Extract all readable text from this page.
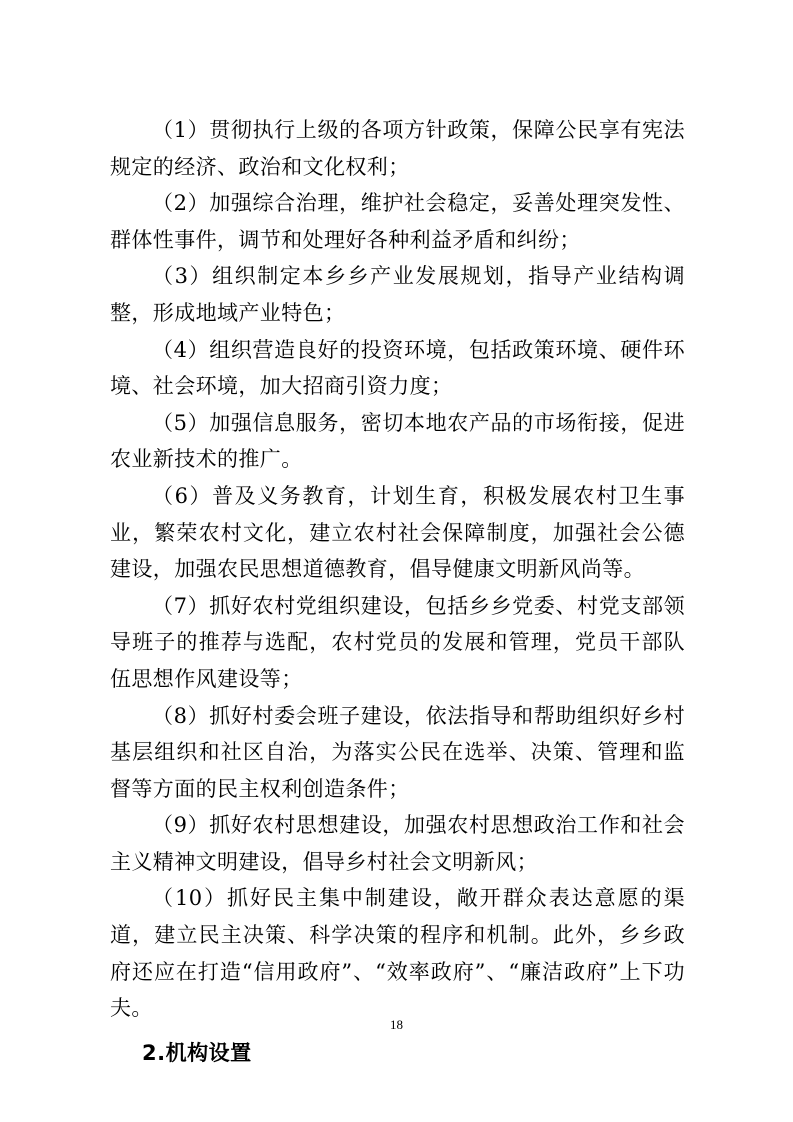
（1）贯彻执行上级的各项方针政策，保障公民享有宪法规定的经济、政治和文化权利；

（2）加强综合治理，维护社会稳定，妥善处理突发性、群体性事件，调节和处理好各种利益矛盾和纠纷；

（3）组织制定本乡乡产业发展规划，指导产业结构调整，形成地域产业特色；

（4）组织营造良好的投资环境，包括政策环境、硬件环境、社会环境，加大招商引资力度；

（5）加强信息服务，密切本地农产品的市场衔接，促进农业新技术的推广。

（6）普及义务教育，计划生育，积极发展农村卫生事业，繁荣农村文化，建立农村社会保障制度，加强社会公德建设，加强农民思想道德教育，倡导健康文明新风尚等。

（7）抓好农村党组织建设，包括乡乡党委、村党支部领导班子的推荐与选配，农村党员的发展和管理，党员干部队伍思想作风建设等；

（8）抓好村委会班子建设，依法指导和帮助组织好乡村基层组织和社区自治，为落实公民在选举、决策、管理和监督等方面的民主权利创造条件；

（9）抓好农村思想建设，加强农村思想政治工作和社会主义精神文明建设，倡导乡村社会文明新风；

（10）抓好民主集中制建设，敞开群众表达意愿的渠道，建立民主决策、科学决策的程序和机制。此外，乡乡政府还应在打造“信用政府”、“效率政府”、“廉洁政府”上下功夫。

2.机构设置
18
